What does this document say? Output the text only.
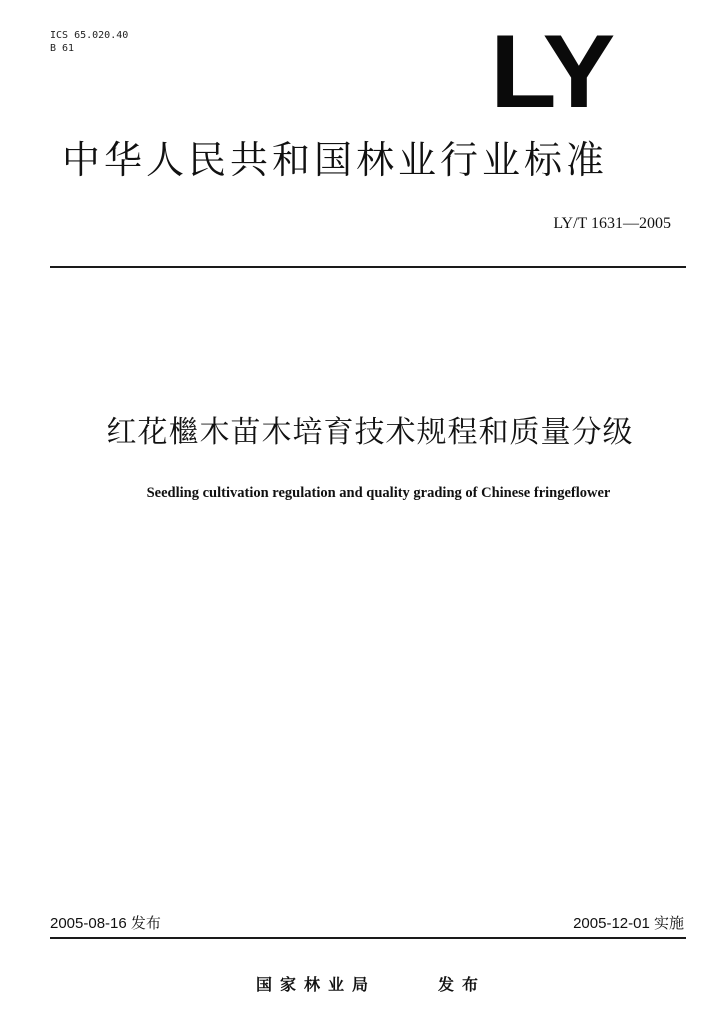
ICS 65.020.40
B 61	LY
中华人民共和国林业行业标准
LY/T 1631—2005
红花檵木苗木培育技术规程和质量分级
Seedling cultivation regulation and quality grading of Chinese fringeflower
2005-08-16 发布	2005-12-01 实施
国家林业局	发布
